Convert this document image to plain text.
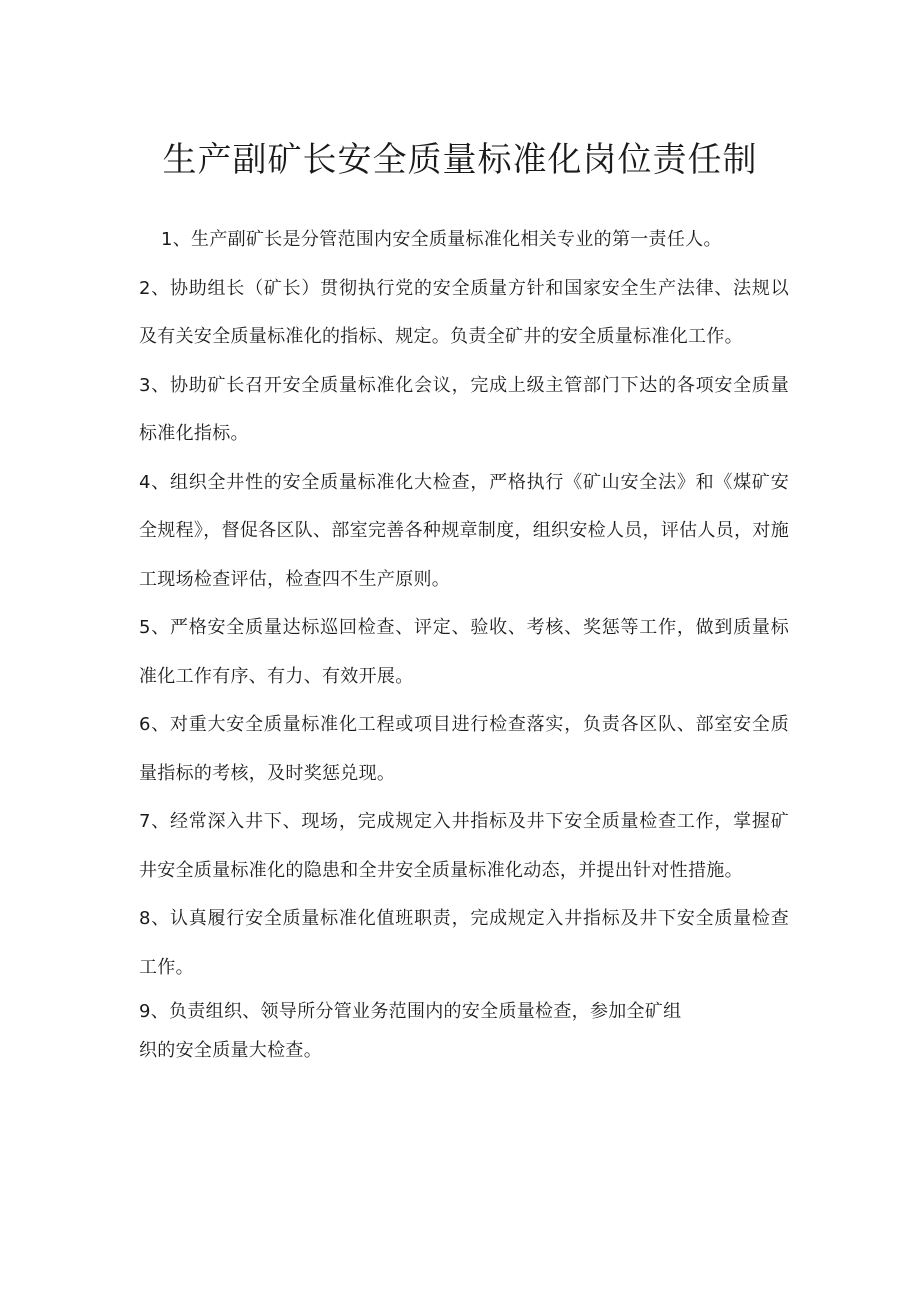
生产副矿长安全质量标准化岗位责任制

1、生产副矿长是分管范围内安全质量标准化相关专业的第一责任人。

2、协助组长（矿长）贯彻执行党的安全质量方针和国家安全生产法律、法规以及有关安全质量标准化的指标、规定。负责全矿井的安全质量标准化工作。

3、协助矿长召开安全质量标准化会议，完成上级主管部门下达的各项安全质量标准化指标。

4、组织全井性的安全质量标准化大检查，严格执行《矿山安全法》和《煤矿安全规程》，督促各区队、部室完善各种规章制度，组织安检人员，评估人员，对施工现场检查评估，检查四不生产原则。

5、严格安全质量达标巡回检查、评定、验收、考核、奖惩等工作，做到质量标准化工作有序、有力、有效开展。

6、对重大安全质量标准化工程或项目进行检查落实，负责各区队、部室安全质量指标的考核，及时奖惩兑现。

7、经常深入井下、现场，完成规定入井指标及井下安全质量检查工作，掌握矿井安全质量标准化的隐患和全井安全质量标准化动态，并提出针对性措施。

8、认真履行安全质量标准化值班职责，完成规定入井指标及井下安全质量检查工作。

9、负责组织、领导所分管业务范围内的安全质量检查，参加全矿组
织的安全质量大检查。
